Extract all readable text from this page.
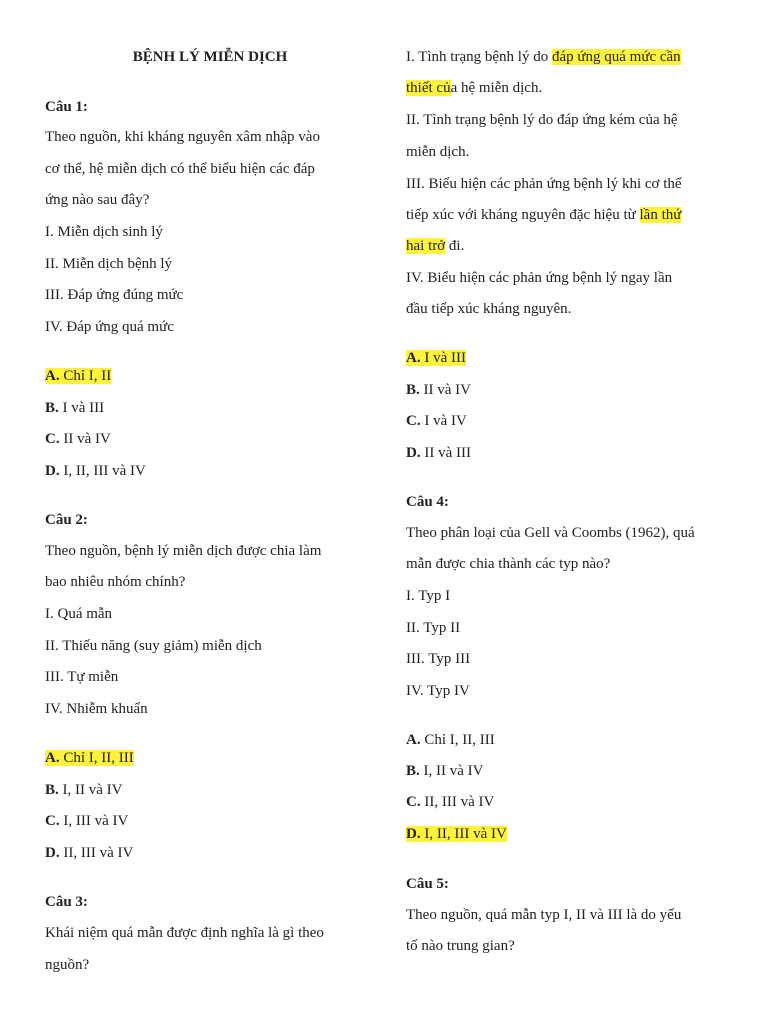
BỆNH LÝ MIỄN DỊCH
Câu 1:
Theo nguồn, khi kháng nguyên xâm nhập vào
cơ thể, hệ miễn dịch có thể biểu hiện các đáp
ứng nào sau đây?
I. Miễn dịch sinh lý
II. Miễn dịch bệnh lý
III. Đáp ứng đúng mức
IV. Đáp ứng quá mức
A. Chỉ I, II
B. I và III
C. II và IV
D. I, II, III và IV
Câu 2:
Theo nguồn, bệnh lý miễn dịch được chia làm
bao nhiêu nhóm chính?
I. Quá mẫn
II. Thiếu năng (suy giảm) miễn dịch
III. Tự miễn
IV. Nhiễm khuẩn
A. Chỉ I, II, III
B. I, II và IV
C. I, III và IV
D. II, III và IV
Câu 3:
Khái niệm quá mẫn được định nghĩa là gì theo
nguồn?
I. Tình trạng bệnh lý do đáp ứng quá mức cần
thiết của hệ miễn dịch.
II. Tình trạng bệnh lý do đáp ứng kém của hệ
miễn dịch.
III. Biểu hiện các phản ứng bệnh lý khi cơ thể
tiếp xúc với kháng nguyên đặc hiệu từ lần thứ
hai trở đi.
IV. Biểu hiện các phản ứng bệnh lý ngay lần
đầu tiếp xúc kháng nguyên.
A. I và III
B. II và IV
C. I và IV
D. II và III
Câu 4:
Theo phân loại của Gell và Coombs (1962), quá
mẫn được chia thành các typ nào?
I. Typ I
II. Typ II
III. Typ III
IV. Typ IV
A. Chỉ I, II, III
B. I, II và IV
C. II, III và IV
D. I, II, III và IV
Câu 5:
Theo nguồn, quá mẫn typ I, II và III là do yếu
tố nào trung gian?
